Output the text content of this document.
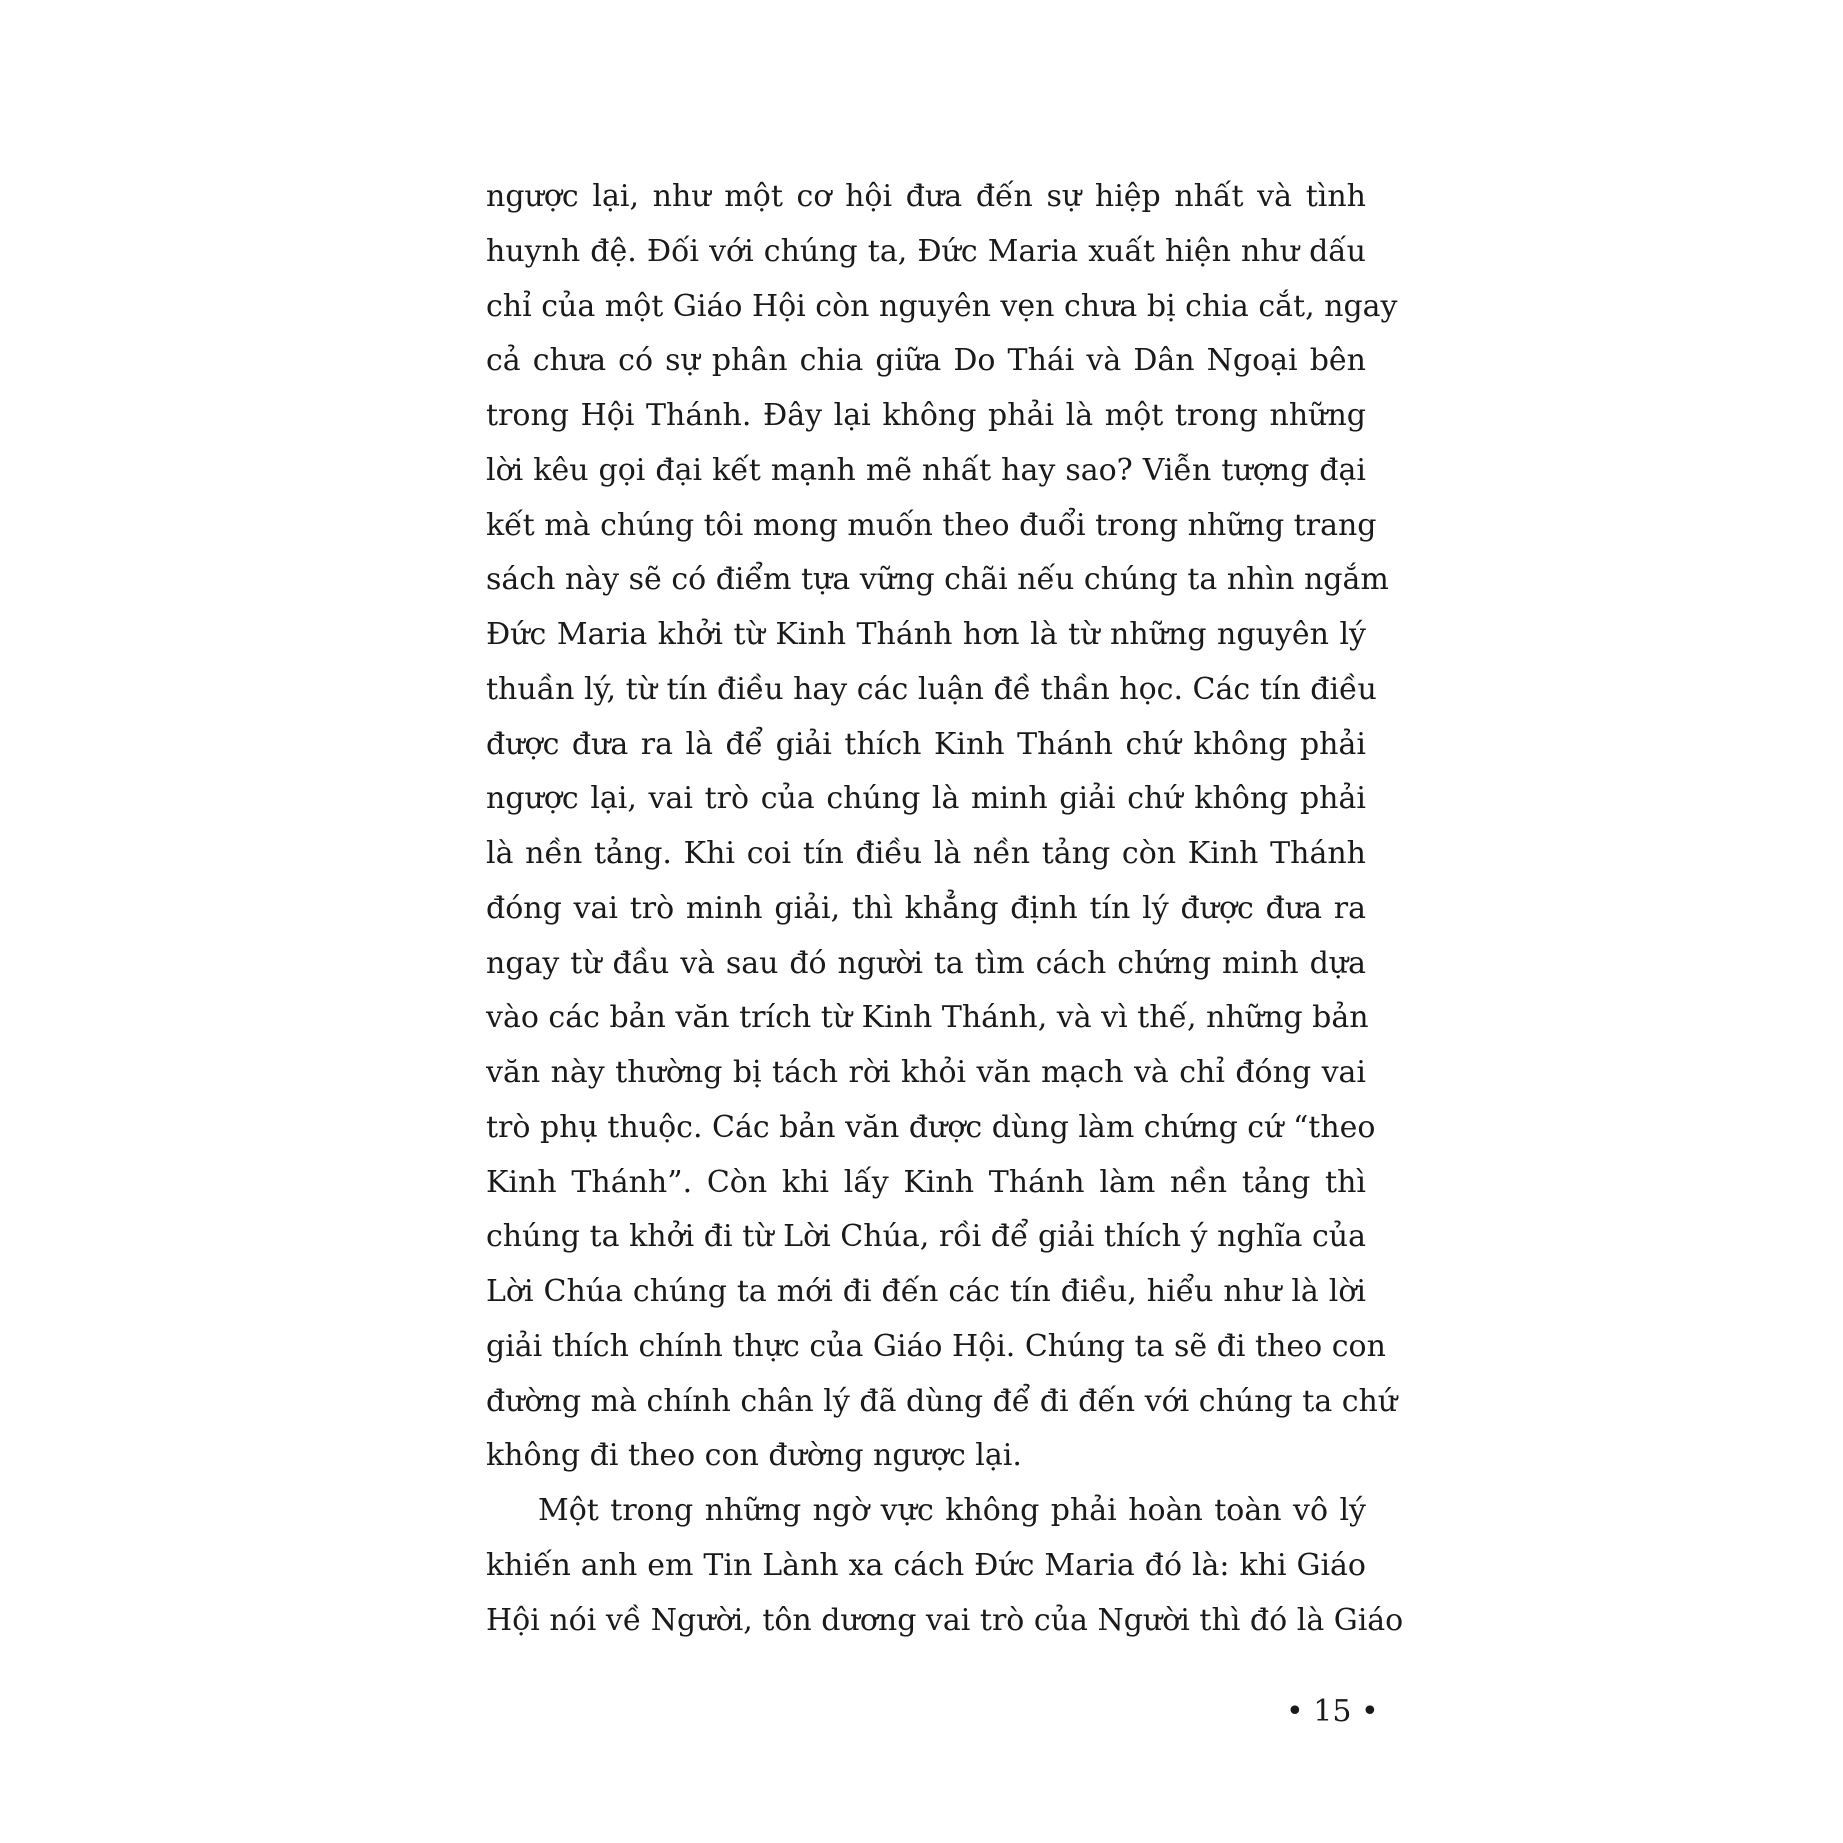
ngược lại, như một cơ hội đưa đến sự hiệp nhất và tình
huynh đệ. Đối với chúng ta, Đức Maria xuất hiện như dấu
chỉ của một Giáo Hội còn nguyên vẹn chưa bị chia cắt, ngay
cả chưa có sự phân chia giữa Do Thái và Dân Ngoại bên
trong Hội Thánh. Đây lại không phải là một trong những
lời kêu gọi đại kết mạnh mẽ nhất hay sao? Viễn tượng đại
kết mà chúng tôi mong muốn theo đuổi trong những trang
sách này sẽ có điểm tựa vững chãi nếu chúng ta nhìn ngắm
Đức Maria khởi từ Kinh Thánh hơn là từ những nguyên lý
thuần lý, từ tín điều hay các luận đề thần học. Các tín điều
được đưa ra là để giải thích Kinh Thánh chứ không phải
ngược lại, vai trò của chúng là minh giải chứ không phải
là nền tảng. Khi coi tín điều là nền tảng còn Kinh Thánh
đóng vai trò minh giải, thì khẳng định tín lý được đưa ra
ngay từ đầu và sau đó người ta tìm cách chứng minh dựa
vào các bản văn trích từ Kinh Thánh, và vì thế, những bản
văn này thường bị tách rời khỏi văn mạch và chỉ đóng vai
trò phụ thuộc. Các bản văn được dùng làm chứng cứ “theo
Kinh Thánh”. Còn khi lấy Kinh Thánh làm nền tảng thì
chúng ta khởi đi từ Lời Chúa, rồi để giải thích ý nghĩa của
Lời Chúa chúng ta mới đi đến các tín điều, hiểu như là lời
giải thích chính thực của Giáo Hội. Chúng ta sẽ đi theo con
đường mà chính chân lý đã dùng để đi đến với chúng ta chứ
không đi theo con đường ngược lại.
Một trong những ngờ vực không phải hoàn toàn vô lý
khiến anh em Tin Lành xa cách Đức Maria đó là: khi Giáo
Hội nói về Người, tôn dương vai trò của Người thì đó là Giáo
• 15 •
